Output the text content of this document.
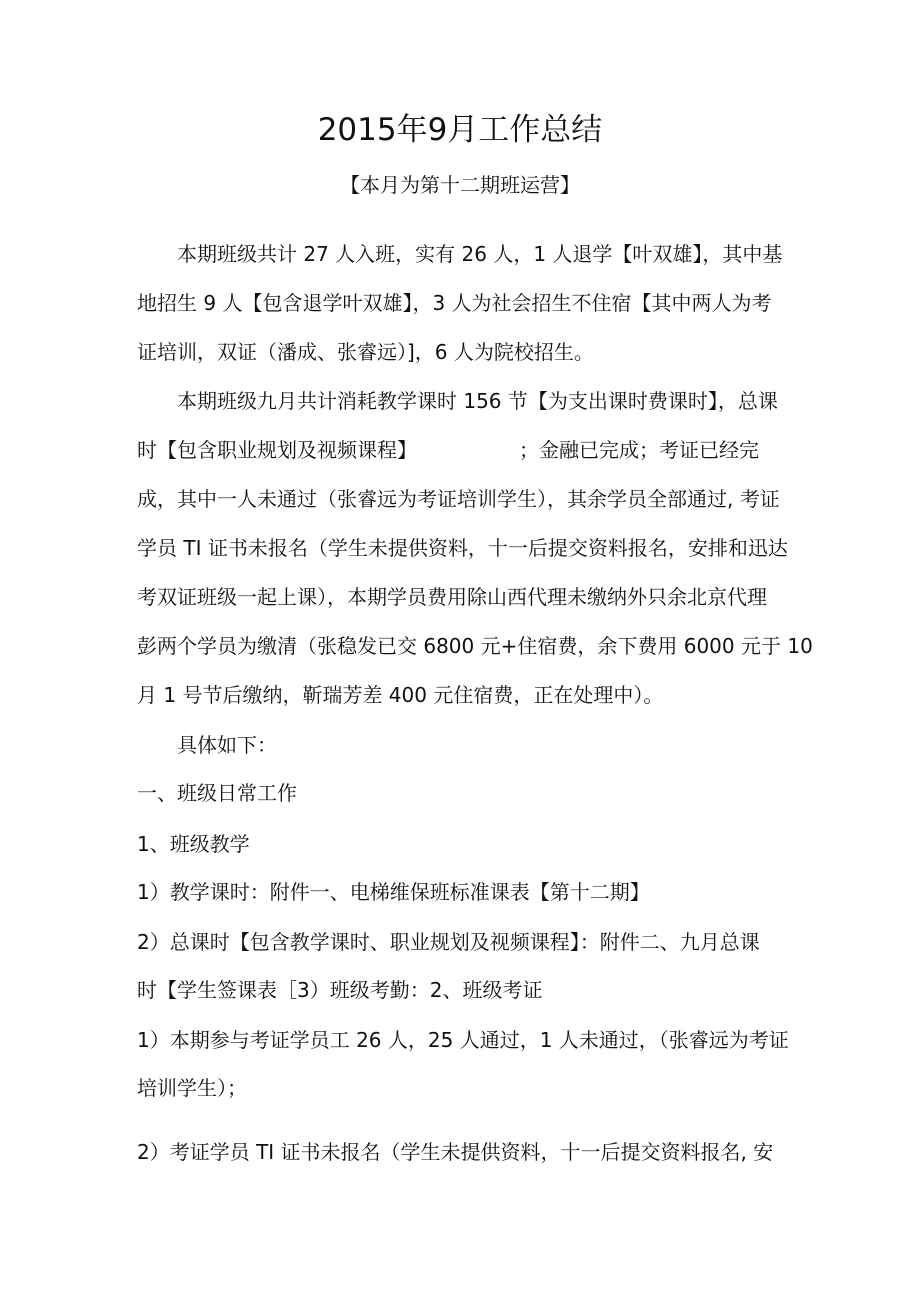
2015年9月工作总结
【本月为第十二期班运营】
本期班级共计 27 人入班，实有 26 人，1 人退学【叶双雄】，其中基
地招生 9 人【包含退学叶双雄】，3 人为社会招生不住宿【其中两人为考
证培训，双证（潘成、张睿远）]，6 人为院校招生。
本期班级九月共计消耗教学课时 156 节【为支出课时费课时】，总课
时【包含职业规划及视频课程】	；金融已完成；考证已经完
成，其中一人未通过（张睿远为考证培训学生），其余学员全部通过, 考证
学员 TI 证书未报名（学生未提供资料，十一后提交资料报名，安排和迅达
考双证班级一起上课），本期学员费用除山西代理未缴纳外只余北京代理
彭两个学员为缴清（张稳发已交 6800 元+住宿费，余下费用 6000 元于 10
月 1 号节后缴纳，靳瑞芳差 400 元住宿费，正在处理中）。
具体如下：
一、班级日常工作
1、班级教学
1）教学课时：附件一、电梯维保班标准课表【第十二期】
2）总课时【包含教学课时、职业规划及视频课程】：附件二、九月总课
时【学生签课表［3）班级考勤：2、班级考证
1）本期参与考证学员工 26 人，25 人通过，1 人未通过，（张睿远为考证
培训学生）；
2）考证学员 TI 证书未报名（学生未提供资料，十一后提交资料报名, 安
